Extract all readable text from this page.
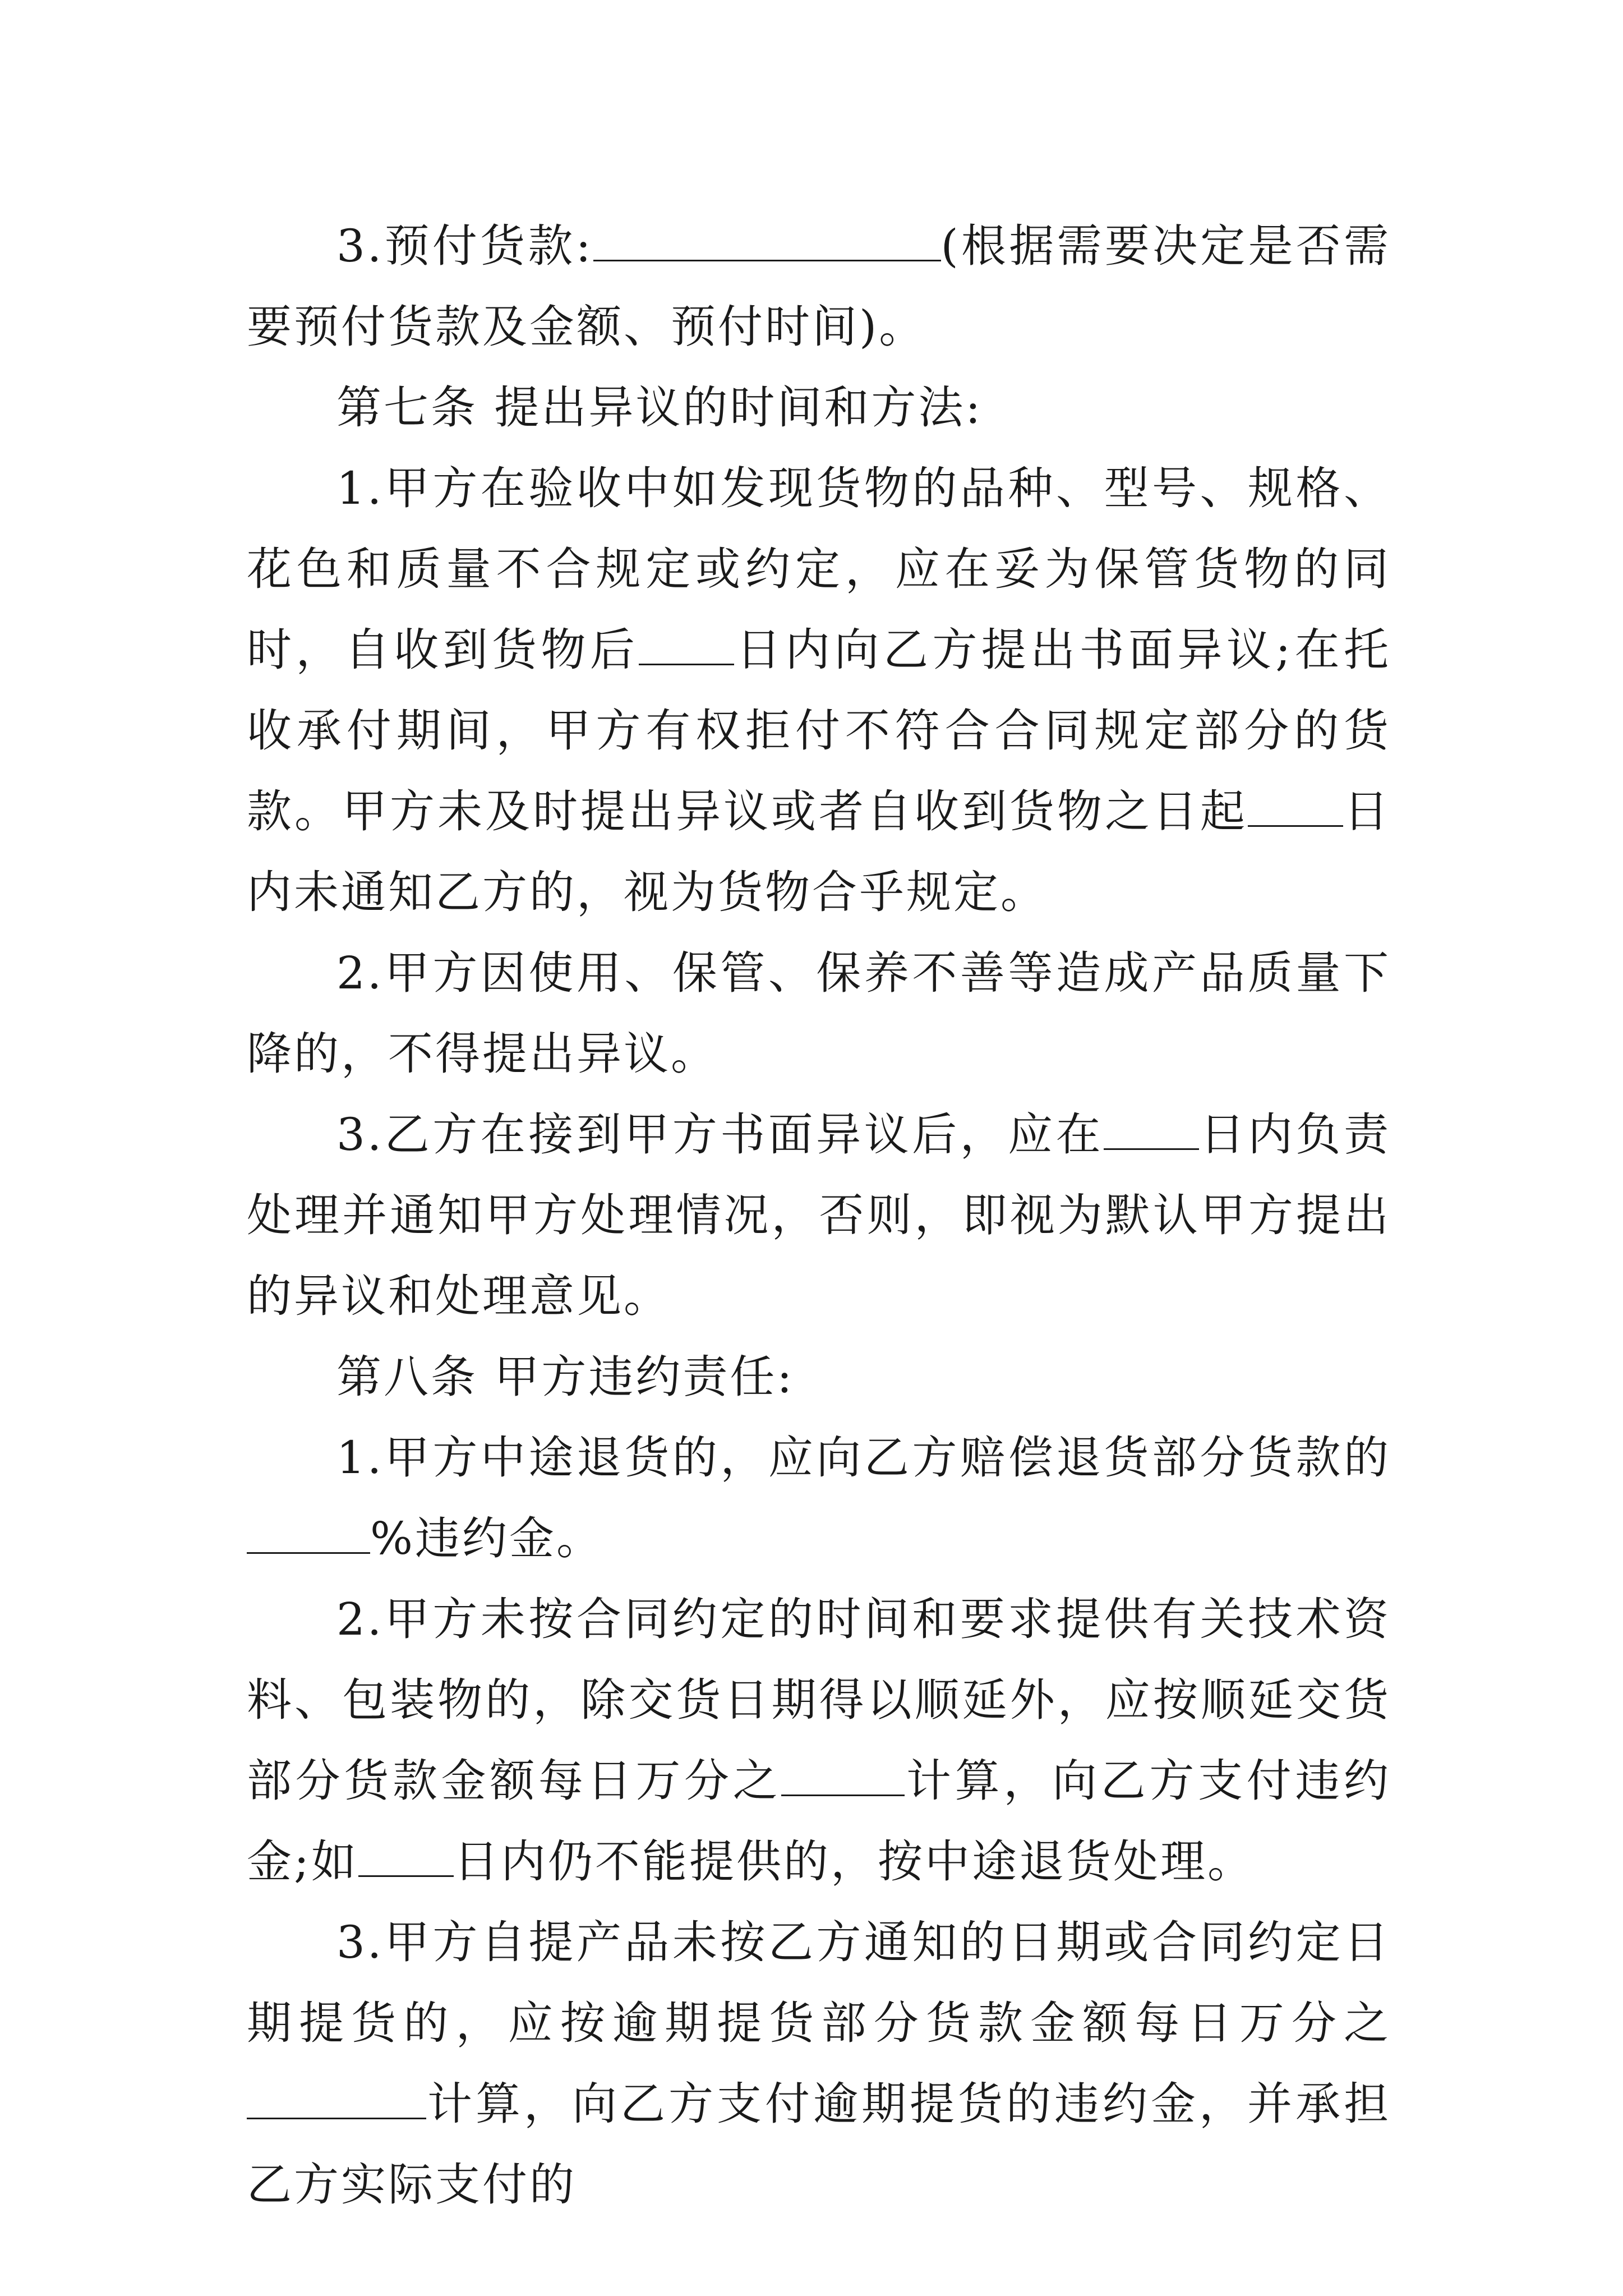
3.预付货款:	(根据需要决定是否需要预付货款及金额、预付时间)。

第七条 提出异议的时间和方法:

1.甲方在验收中如发现货物的品种、型号、规格、花色和质量不合规定或约定，应在妥为保管货物的同时，自收到货物后 日内向乙方提出书面异议;在托收承付期间，甲方有权拒付不符合合同规定部分的货款。甲方未及时提出异议或者自收到货物之日起 日内未通知乙方的，视为货物合乎规定。

2.甲方因使用、保管、保养不善等造成产品质量下降的，不得提出异议。

3.乙方在接到甲方书面异议后，应在 日内负责处理并通知甲方处理情况，否则，即视为默认甲方提出的异议和处理意见。

第八条 甲方违约责任:

1.甲方中途退货的，应向乙方赔偿退货部分货款的%违约金。

2.甲方未按合同约定的时间和要求提供有关技术资料、包装物的，除交货日期得以顺延外，应按顺延交货部分货款金额每日万分之	计算，向乙方支付违约金;如 日内仍不能提供的，按中途退货处理。

3.甲方自提产品未按乙方通知的日期或合同约定日期提货的，应按逾期提货部分货款金额每日万分之计算，向乙方支付逾期提货的违约金，并承担乙方实际支付的
